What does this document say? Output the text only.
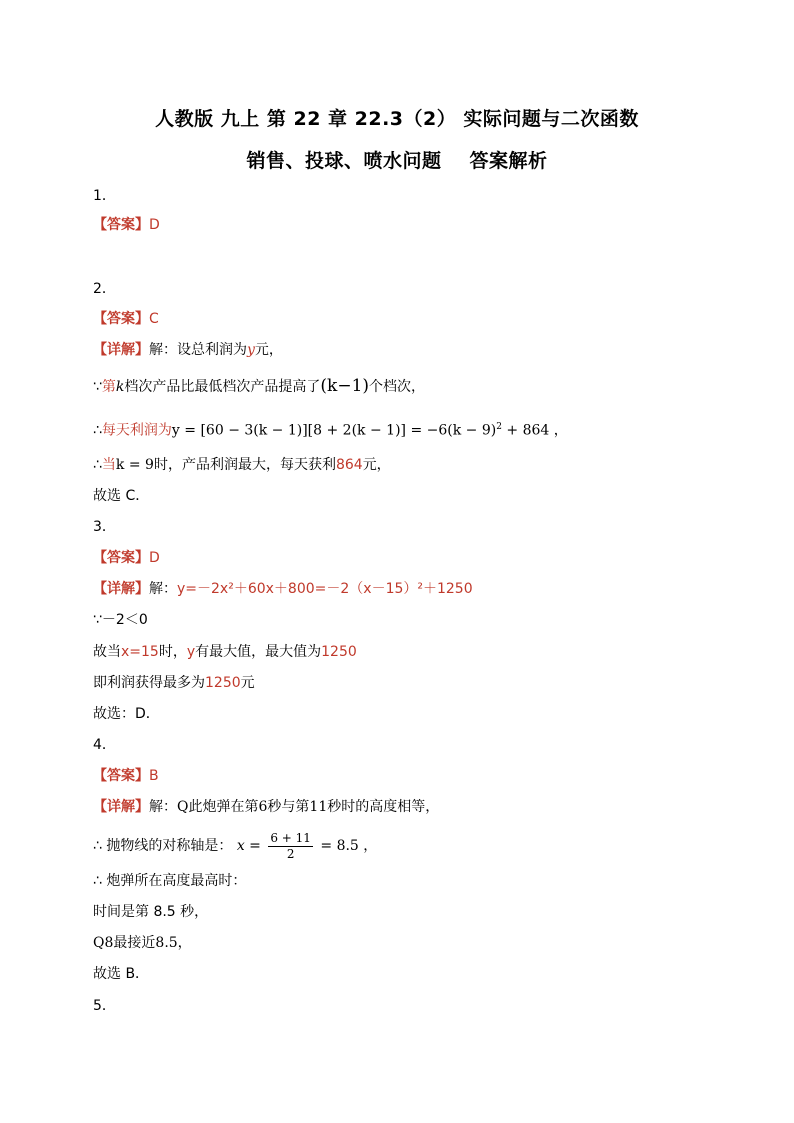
人教版 九上 第 22 章 22.3（2） 实际问题与二次函数
销售、投球、喷水问题 答案解析
1．
【答案】D
2．
【答案】C
【详解】解：设总利润为y元，
∵第k档次产品比最低档次产品提高了(k−1)个档次，
∴每天利润为$y = [60 - 3(k - 1)][8 + 2(k - 1)] = -6(k - 9)^2 + 864$ ，
∴当k = 9时，产品利润最大，每天获利864元，
故选 C．
3．
【答案】D
【详解】解：y=－2x²＋60x＋800=－2（x－15）²＋1250
∵－2＜0
故当x=15时，y有最大值，最大值为1250
即利润获得最多为1250元
故选：D．
4．
【答案】B
【详解】解：Q此炮弹在第6秒与第11秒时的高度相等，
∴ 抛物线的对称轴是： $x = \frac{6 + 11}{2} = 8.5$ ，
∴ 炮弹所在高度最高时：
时间是第 8.5 秒，
Q8最接近8.5，
故选 B．
5．
